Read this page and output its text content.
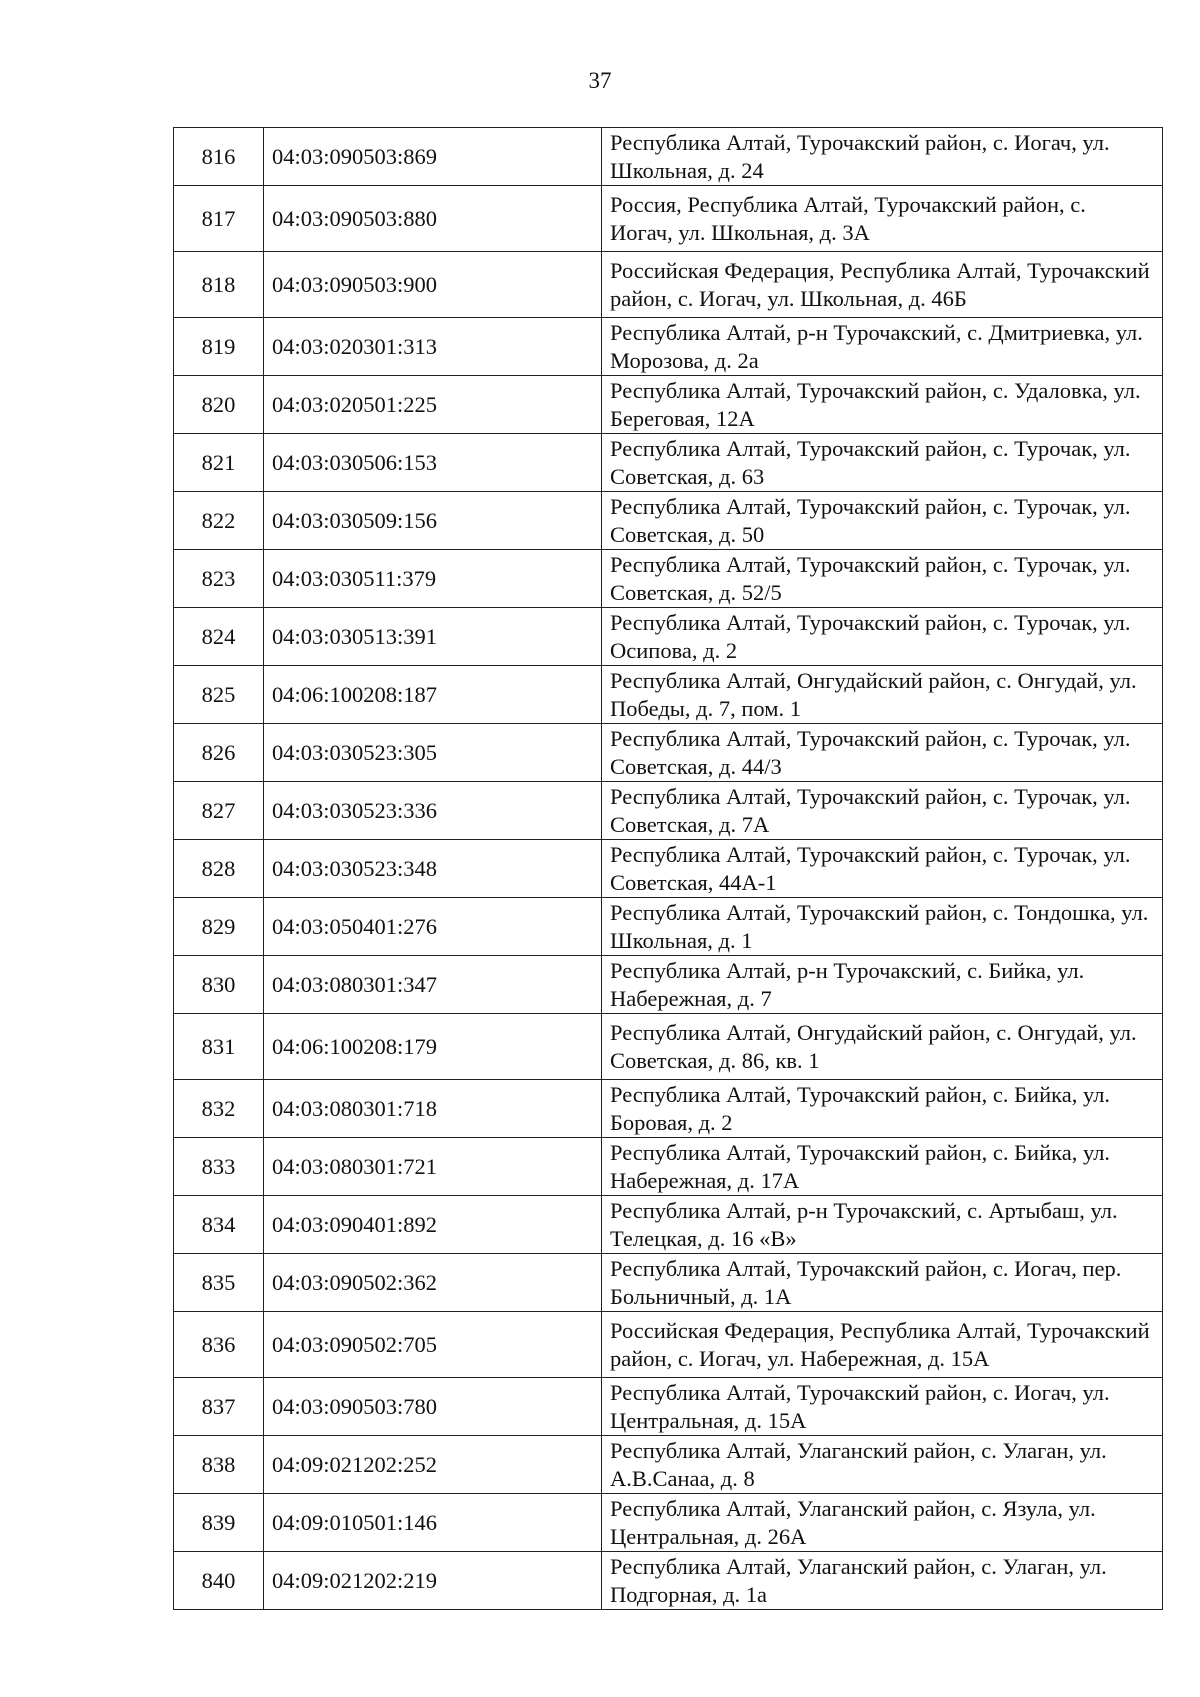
37
816	04:03:090503:869	Республика Алтай, Турочакский район, с. Иогач, ул. Школьная, д. 24
817	04:03:090503:880	Россия, Республика Алтай, Турочакский район, с. Иогач, ул. Школьная, д. 3А
818	04:03:090503:900	Российская Федерация, Республика Алтай, Турочакский район, с. Иогач, ул. Школьная, д. 46Б
819	04:03:020301:313	Республика Алтай, р-н Турочакский, с. Дмитриевка, ул. Морозова, д. 2а
820	04:03:020501:225	Республика Алтай, Турочакский район, с. Удаловка, ул. Береговая, 12А
821	04:03:030506:153	Республика Алтай, Турочакский район, с. Турочак, ул. Советская, д. 63
822	04:03:030509:156	Республика Алтай, Турочакский район, с. Турочак, ул. Советская, д. 50
823	04:03:030511:379	Республика Алтай, Турочакский район, с. Турочак, ул. Советская, д. 52/5
824	04:03:030513:391	Республика Алтай, Турочакский район, с. Турочак, ул. Осипова, д. 2
825	04:06:100208:187	Республика Алтай, Онгудайский район, с. Онгудай, ул. Победы, д. 7, пом. 1
826	04:03:030523:305	Республика Алтай, Турочакский район, с. Турочак, ул. Советская, д. 44/3
827	04:03:030523:336	Республика Алтай, Турочакский район, с. Турочак, ул. Советская, д. 7А
828	04:03:030523:348	Республика Алтай, Турочакский район, с. Турочак, ул. Советская, 44А-1
829	04:03:050401:276	Республика Алтай, Турочакский район, с. Тондошка, ул. Школьная, д. 1
830	04:03:080301:347	Республика Алтай, р-н Турочакский, с. Бийка, ул. Набережная, д. 7
831	04:06:100208:179	Республика Алтай, Онгудайский район, с. Онгудай, ул. Советская, д. 86, кв. 1
832	04:03:080301:718	Республика Алтай, Турочакский район, с. Бийка, ул. Боровая, д. 2
833	04:03:080301:721	Республика Алтай, Турочакский район, с. Бийка, ул. Набережная, д. 17А
834	04:03:090401:892	Республика Алтай, р-н Турочакский, с. Артыбаш, ул. Телецкая, д. 16 «В»
835	04:03:090502:362	Республика Алтай, Турочакский район, с. Иогач, пер. Больничный, д. 1А
836	04:03:090502:705	Российская Федерация, Республика Алтай, Турочакский район, с. Иогач, ул. Набережная, д. 15А
837	04:03:090503:780	Республика Алтай, Турочакский район, с. Иогач, ул. Центральная, д. 15А
838	04:09:021202:252	Республика Алтай, Улаганский район, с. Улаган, ул. А.В.Санаа, д. 8
839	04:09:010501:146	Республика Алтай, Улаганский район, с. Язула, ул. Центральная, д. 26А
840	04:09:021202:219	Республика Алтай, Улаганский район, с. Улаган, ул. Подгорная, д. 1а
